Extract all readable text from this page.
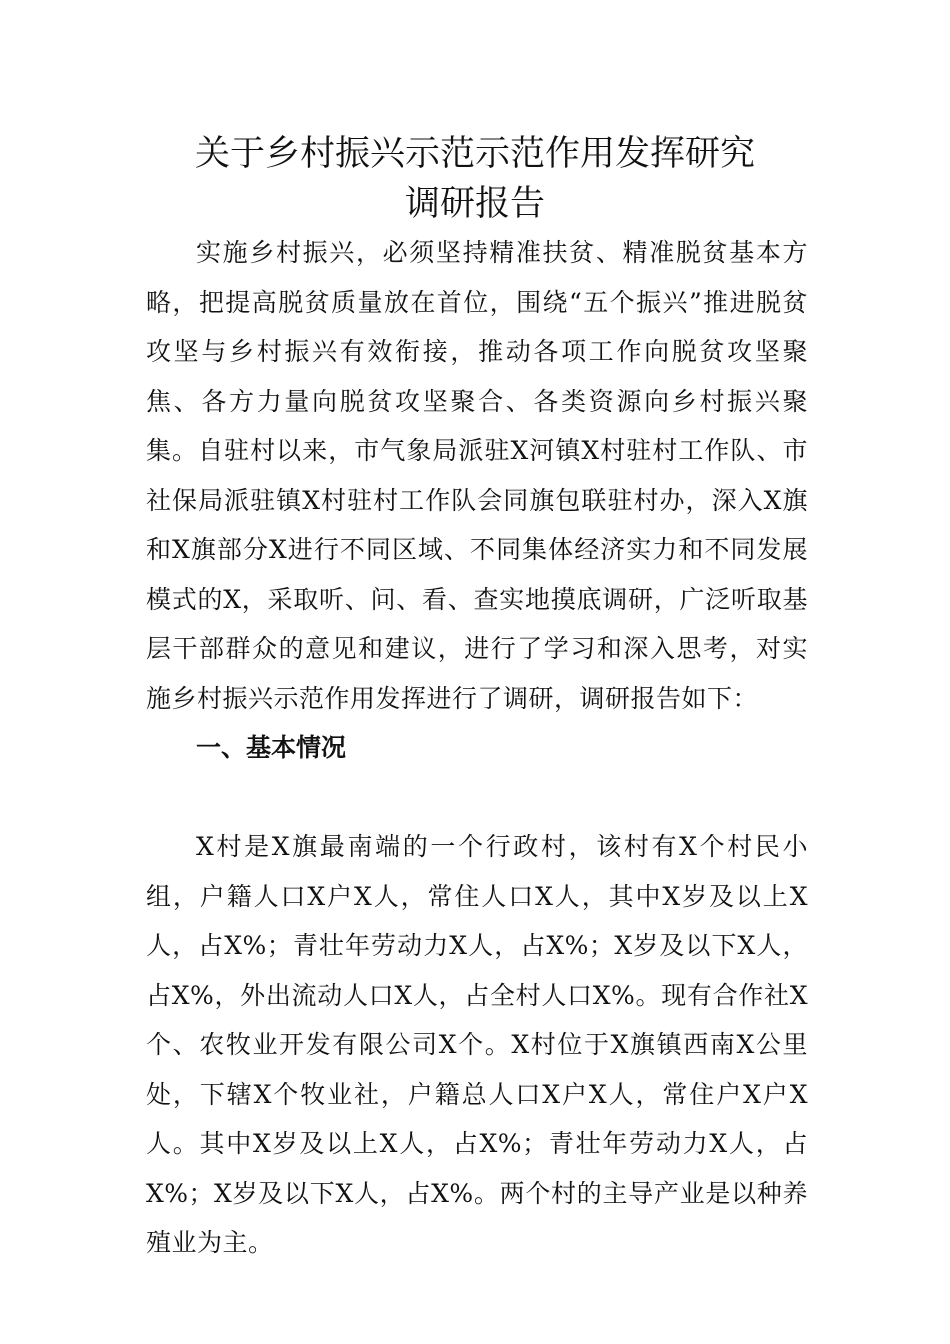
关于乡村振兴示范示范作用发挥研究
调研报告

实施乡村振兴，必须坚持精准扶贫、精准脱贫基本方略，把提高脱贫质量放在首位，围绕“五个振兴”推进脱贫攻坚与乡村振兴有效衔接，推动各项工作向脱贫攻坚聚焦、各方力量向脱贫攻坚聚合、各类资源向乡村振兴聚集。自驻村以来，市气象局派驻X河镇X村驻村工作队、市社保局派驻镇X村驻村工作队会同旗包联驻村办，深入X旗和X旗部分X进行不同区域、不同集体经济实力和不同发展模式的X，采取听、问、看、查实地摸底调研，广泛听取基层干部群众的意见和建议，进行了学习和深入思考，对实施乡村振兴示范作用发挥进行了调研，调研报告如下：

一、基本情况

X村是X旗最南端的一个行政村，该村有X个村民小组，户籍人口X户X人，常住人口X人，其中X岁及以上X人，占X%；青壮年劳动力X人，占X%；X岁及以下X人，占X%，外出流动人口X人，占全村人口X%。现有合作社X个、农牧业开发有限公司X个。X村位于X旗镇西南X公里处，下辖X个牧业社，户籍总人口X户X人，常住户X户X人。其中X岁及以上X人，占X%；青壮年劳动力X人，占X%；X岁及以下X人，占X%。两个村的主导产业是以种养殖业为主。
